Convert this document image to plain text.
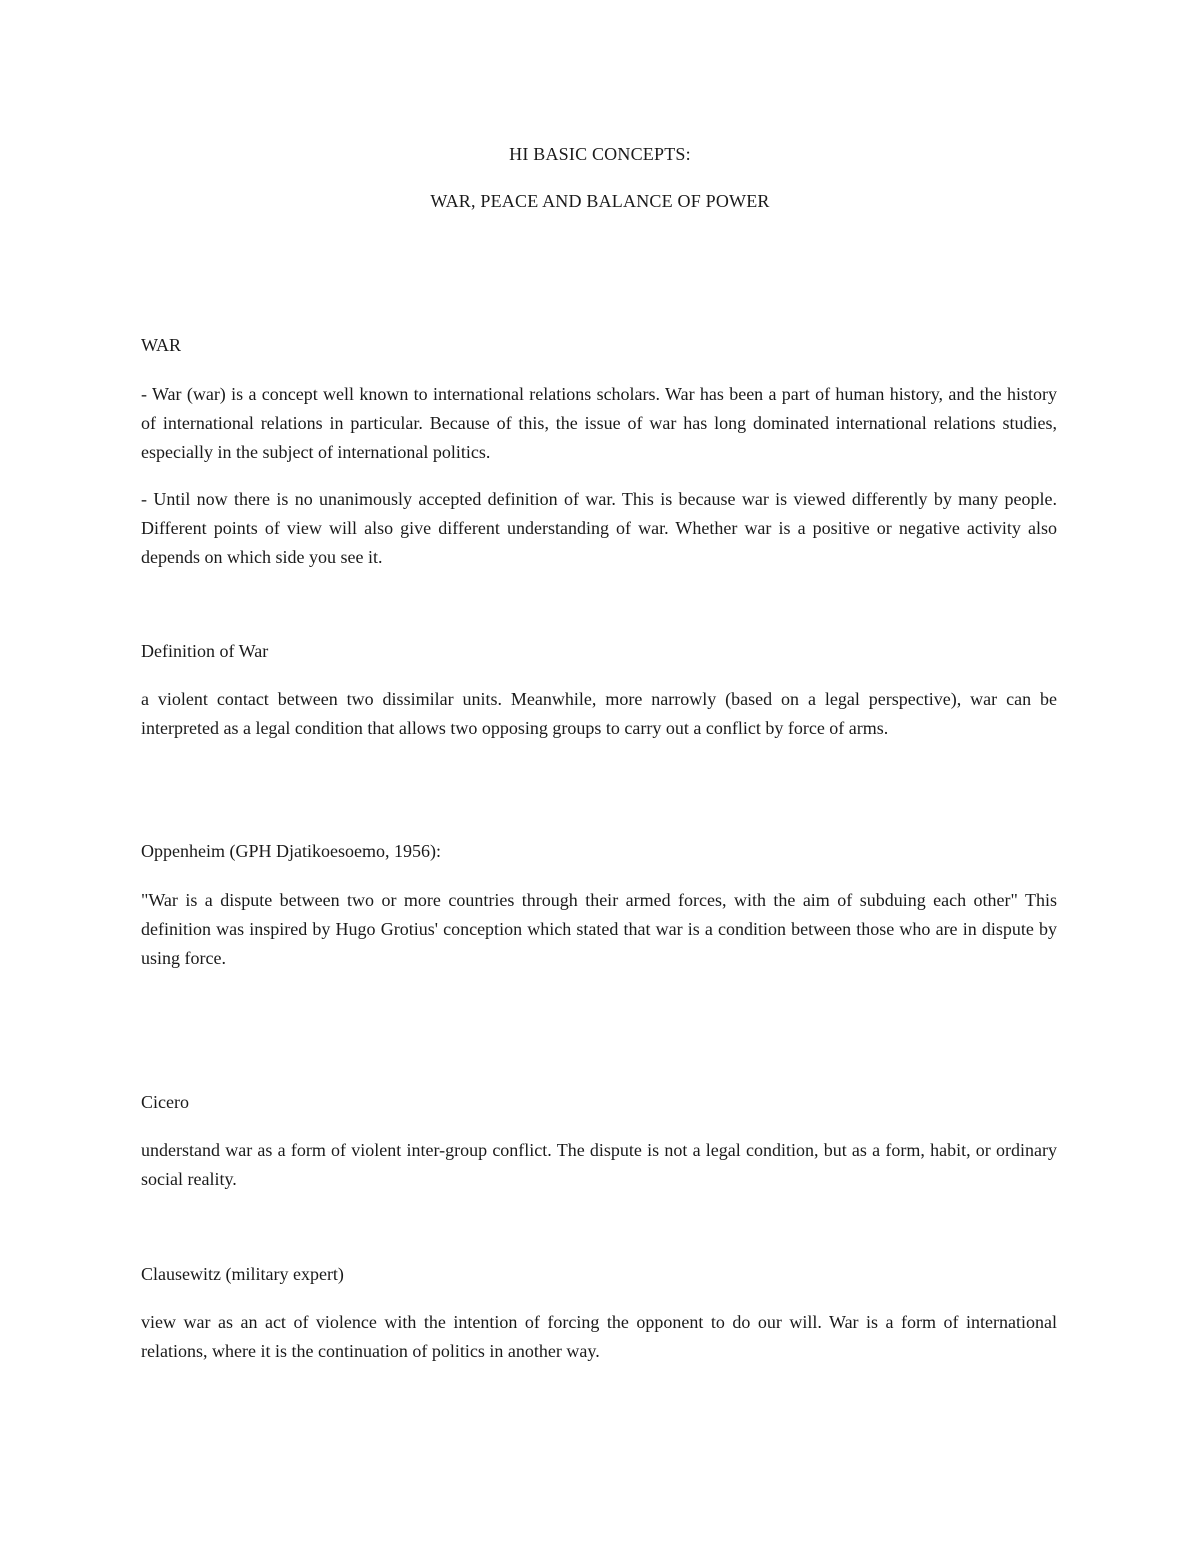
HI BASIC CONCEPTS:
WAR, PEACE AND BALANCE OF POWER
WAR

- War (war) is a concept well known to international relations scholars. War has been a part of human history, and the history of international relations in particular. Because of this, the issue of war has long dominated international relations studies, especially in the subject of international politics.

- Until now there is no unanimously accepted definition of war. This is because war is viewed differently by many people. Different points of view will also give different understanding of war. Whether war is a positive or negative activity also depends on which side you see it.

Definition of War

a violent contact between two dissimilar units. Meanwhile, more narrowly (based on a legal perspective), war can be interpreted as a legal condition that allows two opposing groups to carry out a conflict by force of arms.

Oppenheim (GPH Djatikoesoemo, 1956):

"War is a dispute between two or more countries through their armed forces, with the aim of subduing each other" This definition was inspired by Hugo Grotius' conception which stated that war is a condition between those who are in dispute by using force.

Cicero

understand war as a form of violent inter-group conflict. The dispute is not a legal condition, but as a form, habit, or ordinary social reality.

Clausewitz (military expert)

view war as an act of violence with the intention of forcing the opponent to do our will. War is a form of international relations, where it is the continuation of politics in another way.
